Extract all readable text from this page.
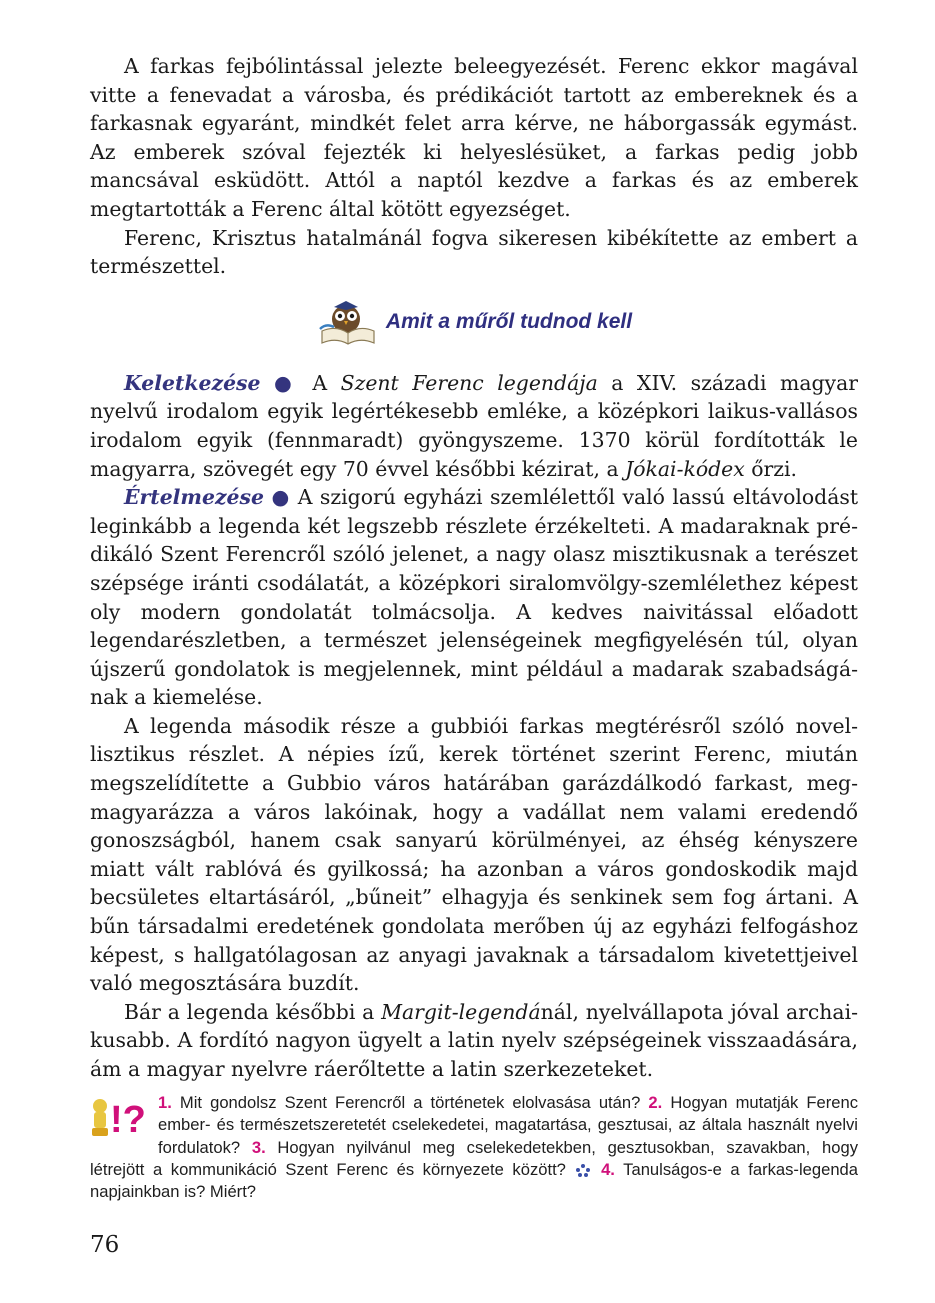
A farkas fejbólintással jelezte beleegyezését. Ferenc ekkor magával vitte a fenevadat a városba, és prédikációt tartott az embereknek és a farkasnak egyaránt, mindkét felet arra kérve, ne háborgassák egymást. Az emberek szóval fejezték ki helyeslésüket, a farkas pedig jobb mancsával esküdött. Attól a naptól kezdve a farkas és az emberek megtartották a Ferenc által kötött egyezséget.

Ferenc, Krisztus hatalmánál fogva sikeresen kibékítette az embert a természettel.

Amit a műről tudnod kell

Keletkezése ● A Szent Ferenc legendája a XIV. századi magyar nyelvű irodalom egyik legértékesebb emléke, a középkori laikus-vallásos irodalom egyik (fennmaradt) gyöngyszeme. 1370 körül fordították le magyarra, szövegét egy 70 évvel későbbi kézirat, a Jókai-kódex őrzi.

Értelmezése ● A szigorú egyházi szemlélettől való lassú eltávolodást leginkább a legenda két legszebb részlete érzékelteti. A madaraknak prédikáló Szent Ferencről szóló jelenet, a nagy olasz misztikusnak a terészet szépsége iránti csodálatát, a középkori siralomvölgy-szemlélethez képest oly modern gondolatát tolmácsolja. A kedves naivitással előadott legendarészletben, a természet jelenségeinek megfigyelésén túl, olyan újszerű gondolatok is megjelennek, mint például a madarak szabadságának a kiemelése.

A legenda második része a gubbiói farkas megtérésről szóló novellisztikus részlet. A népies ízű, kerek történet szerint Ferenc, miután megszelídítette a Gubbio város határában garázdálkodó farkast, megmagyarázza a város lakóinak, hogy a vadállat nem valami eredendő gonoszságból, hanem csak sanyarú körülményei, az éhség kényszere miatt vált rablóvá és gyilkossá; ha azonban a város gondoskodik majd becsületes eltartásáról, „bűneit” elhagyja és senkinek sem fog ártani. A bűn társadalmi eredetének gondolata merőben új az egyházi felfogáshoz képest, s hallgatólagosan az anyagi javaknak a társadalom kivetettjeivel való megosztására buzdít.

Bár a legenda későbbi a Margit-legendánál, nyelvállapota jóval archaikusabb. A fordító nagyon ügyelt a latin nyelv szépségeinek visszaadására, ám a magyar nyelvre ráerőltette a latin szerkezeteket.

!? 1. Mit gondolsz Szent Ferencről a történetek elolvasása után? 2. Hogyan mutatják Ferenc ember- és természetszeretetét cselekedetei, magatartása, gesztusai, az általa használt nyelvi fordulatok? 3. Hogyan nyilvánul meg cselekedetekben, gesztusokban, szavakban, hogy létrejött a kommunikáció Szent Ferenc és környezete között?  4. Tanulságos-e a farkas-legenda napjainkban is? Miért?
76
